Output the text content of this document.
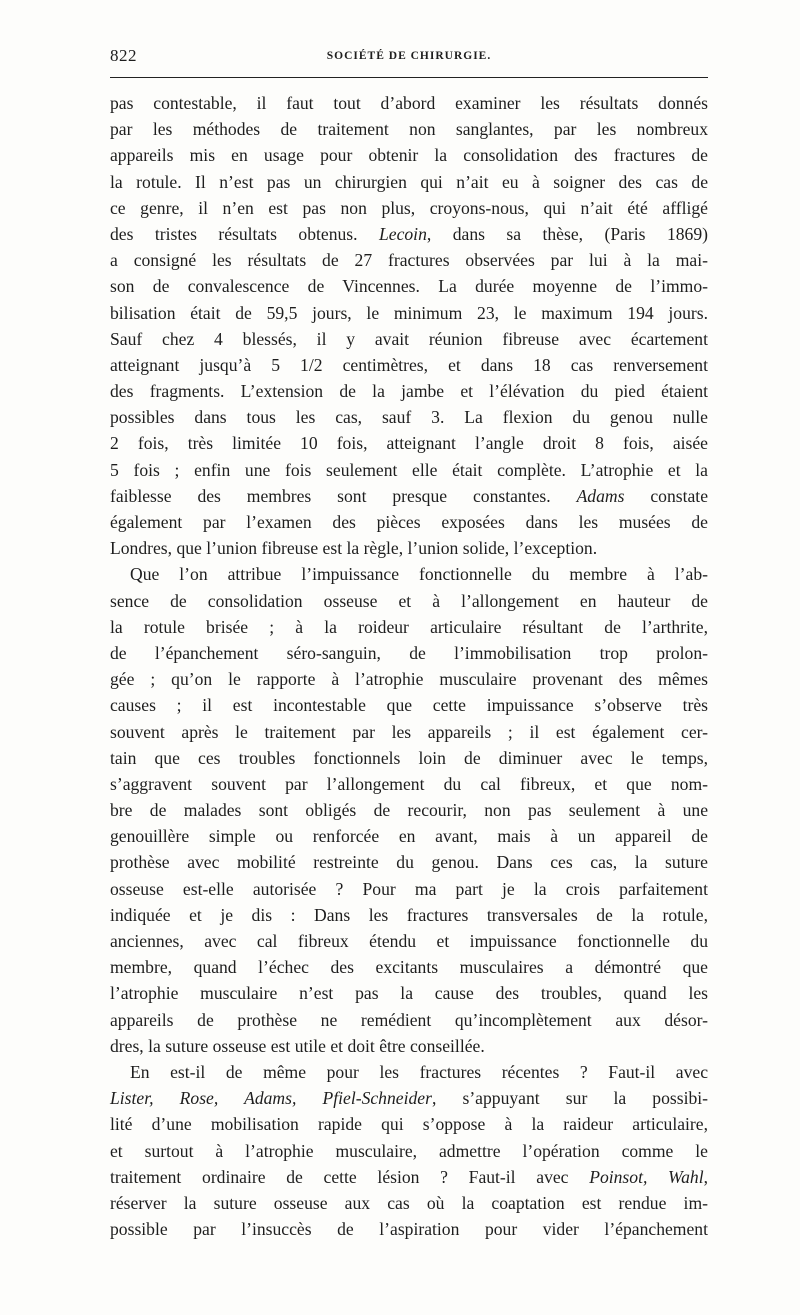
822	SOCIÉTÉ DE CHIRURGIE.
pas contestable, il faut tout d’abord examiner les résultats donnés
par les méthodes de traitement non sanglantes, par les nombreux
appareils mis en usage pour obtenir la consolidation des fractures de
la rotule. Il n’est pas un chirurgien qui n’ait eu à soigner des cas de
ce genre, il n’en est pas non plus, croyons-nous, qui n’ait été affligé
des tristes résultats obtenus. Lecoin, dans sa thèse, (Paris 1869)
a consigné les résultats de 27 fractures observées par lui à la mai-
son de convalescence de Vincennes. La durée moyenne de l’immo-
bilisation était de 59,5 jours, le minimum 23, le maximum 194 jours.
Sauf chez 4 blessés, il y avait réunion fibreuse avec écartement
atteignant jusqu’à 5 1/2 centimètres, et dans 18 cas renversement
des fragments. L’extension de la jambe et l’élévation du pied étaient
possibles dans tous les cas, sauf 3. La flexion du genou nulle
2 fois, très limitée 10 fois, atteignant l’angle droit 8 fois, aisée
5 fois ; enfin une fois seulement elle était complète. L’atrophie et la
faiblesse des membres sont presque constantes. Adams constate
également par l’examen des pièces exposées dans les musées de
Londres, que l’union fibreuse est la règle, l’union solide, l’exception.
Que l’on attribue l’impuissance fonctionnelle du membre à l’ab-
sence de consolidation osseuse et à l’allongement en hauteur de
la rotule brisée ; à la roideur articulaire résultant de l’arthrite,
de l’épanchement séro-sanguin, de l’immobilisation trop prolon-
gée ; qu’on le rapporte à l’atrophie musculaire provenant des mêmes
causes ; il est incontestable que cette impuissance s’observe très
souvent après le traitement par les appareils ; il est également cer-
tain que ces troubles fonctionnels loin de diminuer avec le temps,
s’aggravent souvent par l’allongement du cal fibreux, et que nom-
bre de malades sont obligés de recourir, non pas seulement à une
genouillère simple ou renforcée en avant, mais à un appareil de
prothèse avec mobilité restreinte du genou. Dans ces cas, la suture
osseuse est-elle autorisée ? Pour ma part je la crois parfaitement
indiquée et je dis : Dans les fractures transversales de la rotule,
anciennes, avec cal fibreux étendu et impuissance fonctionnelle du
membre, quand l’échec des excitants musculaires a démontré que
l’atrophie musculaire n’est pas la cause des troubles, quand les
appareils de prothèse ne remédient qu’incomplètement aux désor-
dres, la suture osseuse est utile et doit être conseillée.
En est-il de même pour les fractures récentes ? Faut-il avec
Lister, Rose, Adams, Pfiel-Schneider, s’appuyant sur la possibi-
lité d’une mobilisation rapide qui s’oppose à la raideur articulaire,
et surtout à l’atrophie musculaire, admettre l’opération comme le
traitement ordinaire de cette lésion ? Faut-il avec Poinsot, Wahl,
réserver la suture osseuse aux cas où la coaptation est rendue im-
possible par l’insuccès de l’aspiration pour vider l’épanchement
